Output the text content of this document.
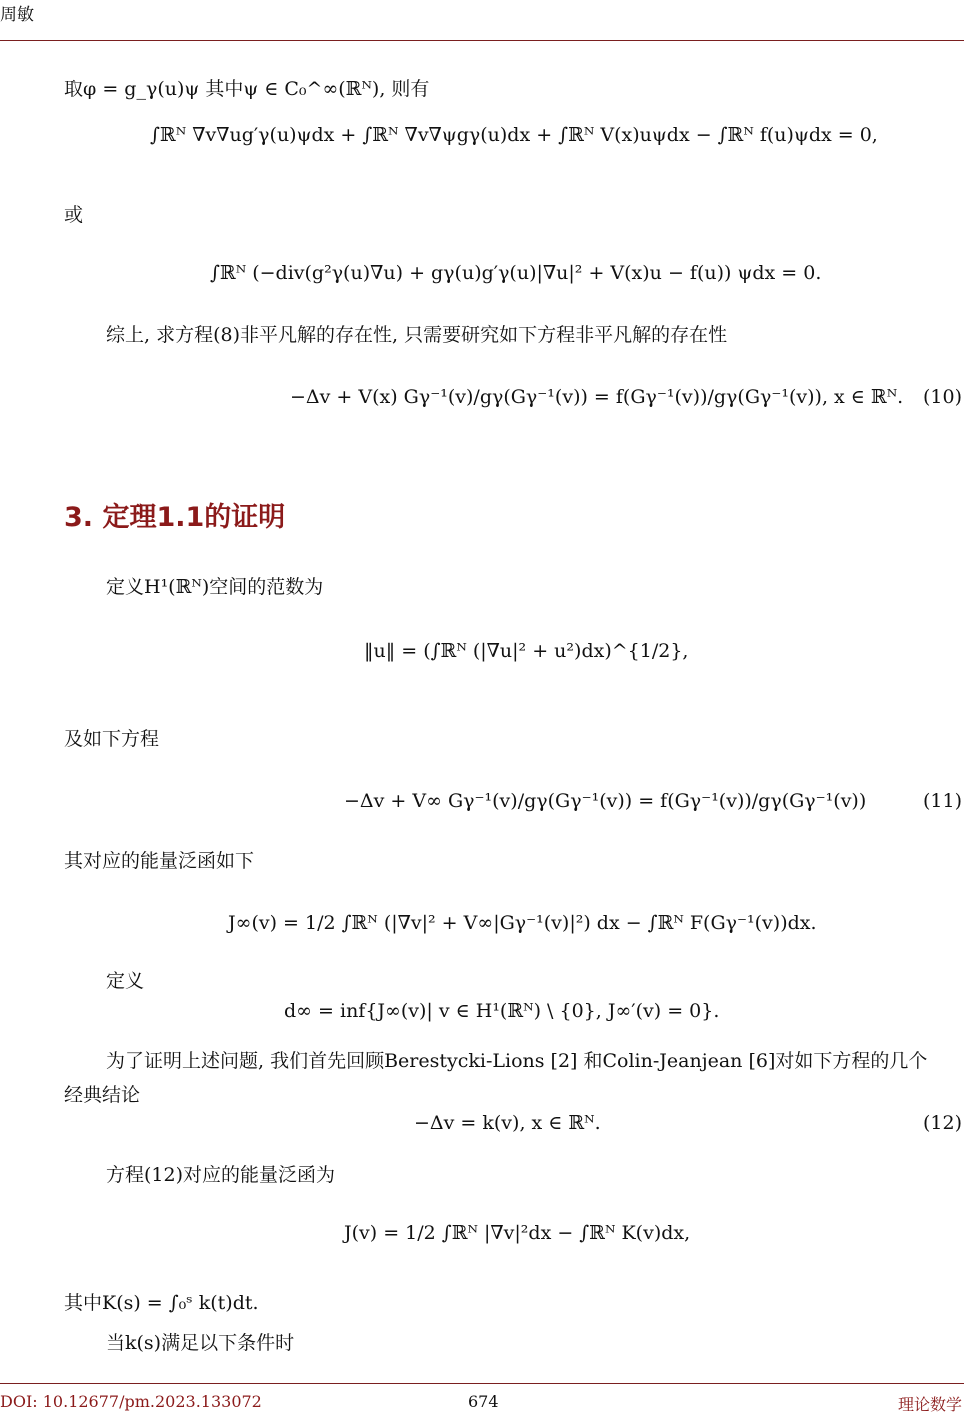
周敏
取φ = g_γ(u)ψ 其中ψ ∈ C₀^∞(ℝᴺ), 则有
∫ℝᴺ ∇v∇ug′γ(u)ψdx + ∫ℝᴺ ∇v∇ψgγ(u)dx + ∫ℝᴺ V(x)uψdx − ∫ℝᴺ f(u)ψdx = 0,
或
∫ℝᴺ (−div(g²γ(u)∇u) + gγ(u)g′γ(u)|∇u|² + V(x)u − f(u)) ψdx = 0.
综上, 求方程(8)非平凡解的存在性, 只需要研究如下方程非平凡解的存在性
−Δv + V(x) Gγ⁻¹(v)/gγ(Gγ⁻¹(v)) = f(Gγ⁻¹(v))/gγ(Gγ⁻¹(v)), x ∈ ℝᴺ. (10)
3. 定理1.1的证明
定义H¹(ℝᴺ)空间的范数为
‖u‖ = (∫ℝᴺ (|∇u|² + u²)dx)^{1/2},
及如下方程
−Δv + V∞ Gγ⁻¹(v)/gγ(Gγ⁻¹(v)) = f(Gγ⁻¹(v))/gγ(Gγ⁻¹(v))	(11)
其对应的能量泛函如下
J∞(v) = 1/2 ∫ℝᴺ (|∇v|² + V∞|Gγ⁻¹(v)|²) dx − ∫ℝᴺ F(Gγ⁻¹(v))dx.
定义
d∞ = inf{J∞(v)| v ∈ H¹(ℝᴺ) \ {0}, J∞′(v) = 0}.
为了证明上述问题, 我们首先回顾Berestycki-Lions [2] 和Colin-Jeanjean [6]对如下方程的几个
经典结论
−Δv = k(v), x ∈ ℝᴺ.	(12)
方程(12)对应的能量泛函为
J(v) = 1/2 ∫ℝᴺ |∇v|²dx − ∫ℝᴺ K(v)dx,
其中K(s) = ∫₀ˢ k(t)dt.
当k(s)满足以下条件时
DOI: 10.12677/pm.2023.133072	674	理论数学
